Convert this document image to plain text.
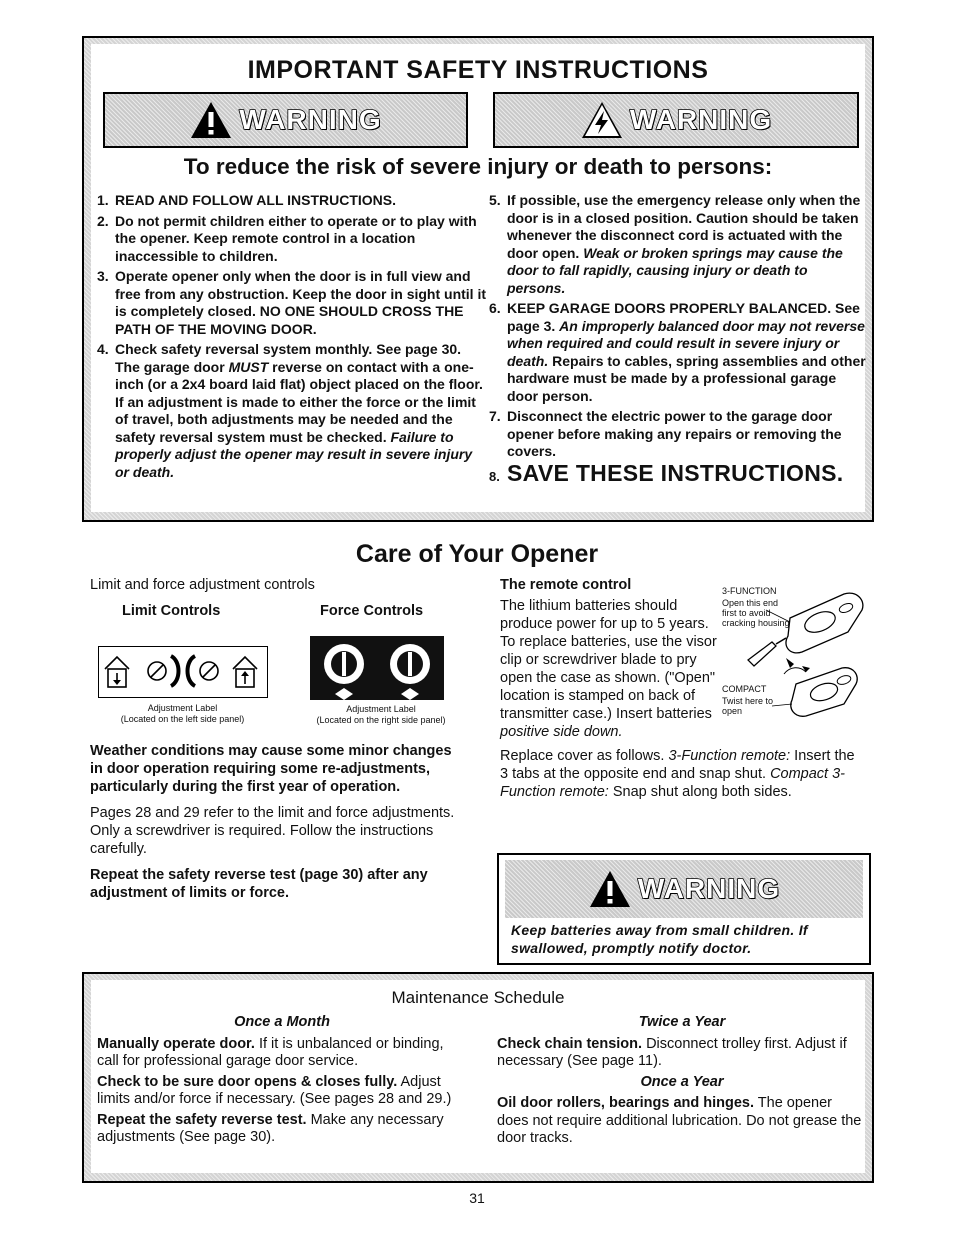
IMPORTANT SAFETY INSTRUCTIONS
WARNING	WARNING
To reduce the risk of severe injury or death to persons:
1. READ AND FOLLOW ALL INSTRUCTIONS.
2. Do not permit children either to operate or to play with the opener. Keep remote control in a location inaccessible to children.
3. Operate opener only when the door is in full view and free from any obstruction. Keep the door in sight until it is completely closed. NO ONE SHOULD CROSS THE PATH OF THE MOVING DOOR.
4. Check safety reversal system monthly. See page 30. The garage door MUST reverse on contact with a one-inch (or a 2x4 board laid flat) object placed on the floor. If an adjustment is made to either the force or the limit of travel, both adjustments may be needed and the safety reversal system must be checked. Failure to properly adjust the opener may result in severe injury or death.
5. If possible, use the emergency release only when the door is in a closed position. Caution should be taken whenever the disconnect cord is actuated with the door open. Weak or broken springs may cause the door to fall rapidly, causing injury or death to persons.
6. KEEP GARAGE DOORS PROPERLY BALANCED. See page 3. An improperly balanced door may not reverse when required and could result in severe injury or death. Repairs to cables, spring assemblies and other hardware must be made by a professional garage door person.
7. Disconnect the electric power to the garage door opener before making any repairs or removing the covers.
8. SAVE THESE INSTRUCTIONS.
Care of Your Opener
Limit and force adjustment controls
Limit Controls	Force Controls
Adjustment Label
(Located on the left side panel)
Adjustment Label
(Located on the right side panel)

Weather conditions may cause some minor changes in door operation requiring some re-adjustments, particularly during the first year of operation.

Pages 28 and 29 refer to the limit and force adjustments. Only a screwdriver is required. Follow the instructions carefully.

Repeat the safety reverse test (page 30) after any adjustment of limits or force.

The remote control
The lithium batteries should produce power for up to 5 years. To replace batteries, use the visor clip or screwdriver blade to pry open the case as shown. ("Open" location is stamped on back of transmitter case.) Insert batteries positive side down.
3-FUNCTION
Open this end first to avoid cracking housing
COMPACT
Twist here to open
Replace cover as follows. 3-Function remote: Insert the 3 tabs at the opposite end and snap shut. Compact 3-Function remote: Snap shut along both sides.
WARNING
Keep batteries away from small children. If swallowed, promptly notify doctor.
Maintenance Schedule
Once a Month

Manually operate door. If it is unbalanced or binding, call for professional garage door service.

Check to be sure door opens & closes fully. Adjust limits and/or force if necessary. (See pages 28 and 29.)

Repeat the safety reverse test. Make any necessary adjustments (See page 30).

Twice a Year

Check chain tension. Disconnect trolley first. Adjust if necessary (See page 11).

Once a Year

Oil door rollers, bearings and hinges. The opener does not require additional lubrication. Do not grease the door tracks.

31
